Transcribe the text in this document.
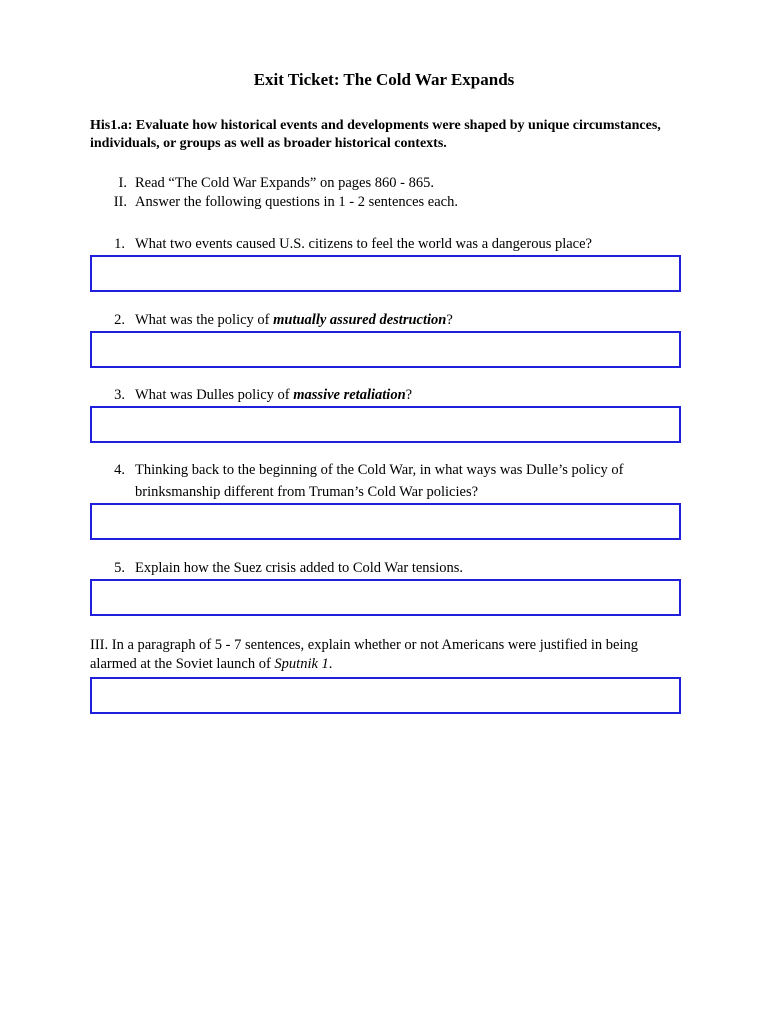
Exit Ticket: The Cold War Expands
His1.a: Evaluate how historical events and developments were shaped by unique circumstances, individuals, or groups as well as broader historical contexts.
I. Read “The Cold War Expands” on pages 860 - 865.
II. Answer the following questions in 1 - 2 sentences each.
1. What two events caused U.S. citizens to feel the world was a dangerous place?
2. What was the policy of mutually assured destruction?
3. What was Dulles policy of massive retaliation?
4. Thinking back to the beginning of the Cold War, in what ways was Dulle’s policy of brinksmanship different from Truman’s Cold War policies?
5. Explain how the Suez crisis added to Cold War tensions.
III. In a paragraph of 5 - 7 sentences, explain whether or not Americans were justified in being alarmed at the Soviet launch of Sputnik 1.
